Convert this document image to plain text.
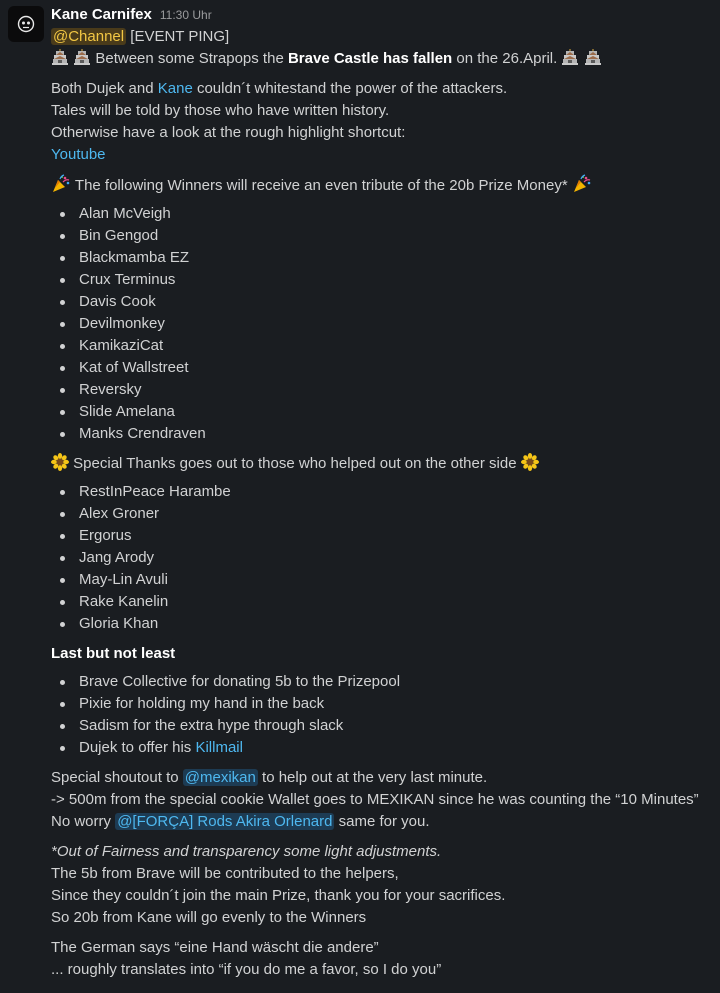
Kane Carnifex 11:30 Uhr
@Channel [EVENT PING]
Between some Strapops the Brave Castle has fallen on the 26.April.
Both Dujek and Kane couldn´t whitestand the power of the attackers.
Tales will be told by those who have written history.
Otherwise have a look at the rough highlight shortcut:
Youtube
The following Winners will receive an even tribute of the 20b Prize Money*
Alan McVeigh
Bin Gengod
Blackmamba EZ
Crux Terminus
Davis Cook
Devilmonkey
KamikaziCat
Kat of Wallstreet
Reversky
Slide Amelana
Manks Crendraven
Special Thanks goes out to those who helped out on the other side
RestInPeace Harambe
Alex Groner
Ergorus
Jang Arody
May-Lin Avuli
Rake Kanelin
Gloria Khan
Last but not least
Brave Collective for donating 5b to the Prizepool
Pixie for holding my hand in the back
Sadism for the extra hype through slack
Dujek to offer his Killmail
Special shoutout to @mexikan to help out at the very last minute.
-> 500m from the special cookie Wallet goes to MEXIKAN since he was counting the “10 Minutes”
No worry @[FORÇA] Rods Akira Orlenard same for you.
*Out of Fairness and transparency some light adjustments.
The 5b from Brave will be contributed to the helpers,
Since they couldn´t join the main Prize, thank you for your sacrifices.
So 20b from Kane will go evenly to the Winners
The German says “eine Hand wäscht die andere”
... roughly translates into “if you do me a favor, so I do you”
